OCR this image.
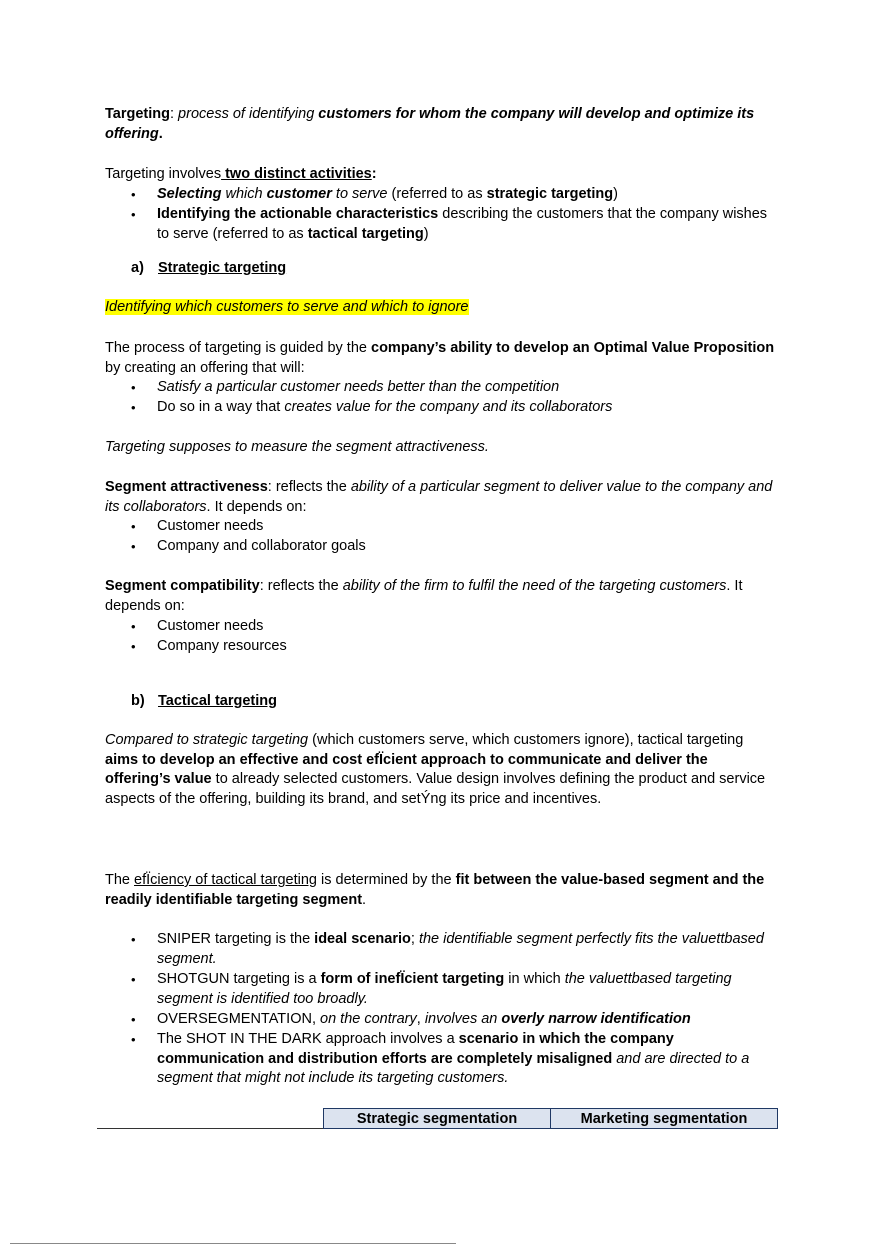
Targeting: process of identifying customers for whom the company will develop and optimize its offering.

Targeting involves two distinct activities:

• Selecting which customer to serve (referred to as strategic targeting)
• Identifying the actionable characteristics describing the customers that the company wishes to serve (referred to as tactical targeting)
a) Strategic targeting

Identifying which customers to serve and which to ignore

The process of targeting is guided by the company’s ability to develop an Optimal Value Proposition by creating an offering that will:

• Satisfy a particular customer needs better than the competition
• Do so in a way that creates value for the company and its collaborators

Targeting supposes to measure the segment attractiveness.

Segment attractiveness: reflects the ability of a particular segment to deliver value to the company and its collaborators. It depends on:

• Customer needs
• Company and collaborator goals

Segment compatibility: reflects the ability of the firm to fulfil the need of the targeting customers. It depends on:

• Customer needs
• Company resources
b) Tactical targeting

Compared to strategic targeting (which customers serve, which customers ignore), tactical targeting aims to develop an effective and cost efÏcient approach to communicate and deliver the offering’s value to already selected customers. Value design involves defining the product and service aspects of the offering, building its brand, and setÝng its price and incentives.

The efÏciency of tactical targeting is determined by the fit between the value-based segment and the readily identifiable targeting segment.

• SNIPER targeting is the ideal scenario; the identifiable segment perfectly fits the valuettbased segment.
• SHOTGUN targeting is a form of inefÏcient targeting in which the valuettbased targeting segment is identified too broadly.
• OVERSEGMENTATION, on the contrary, involves an overly narrow identification
• The SHOT IN THE DARK approach involves a scenario in which the company communication and distribution efforts are completely misaligned and are directed to a segment that might not include its targeting customers.
Strategic segmentation	Marketing segmentation
